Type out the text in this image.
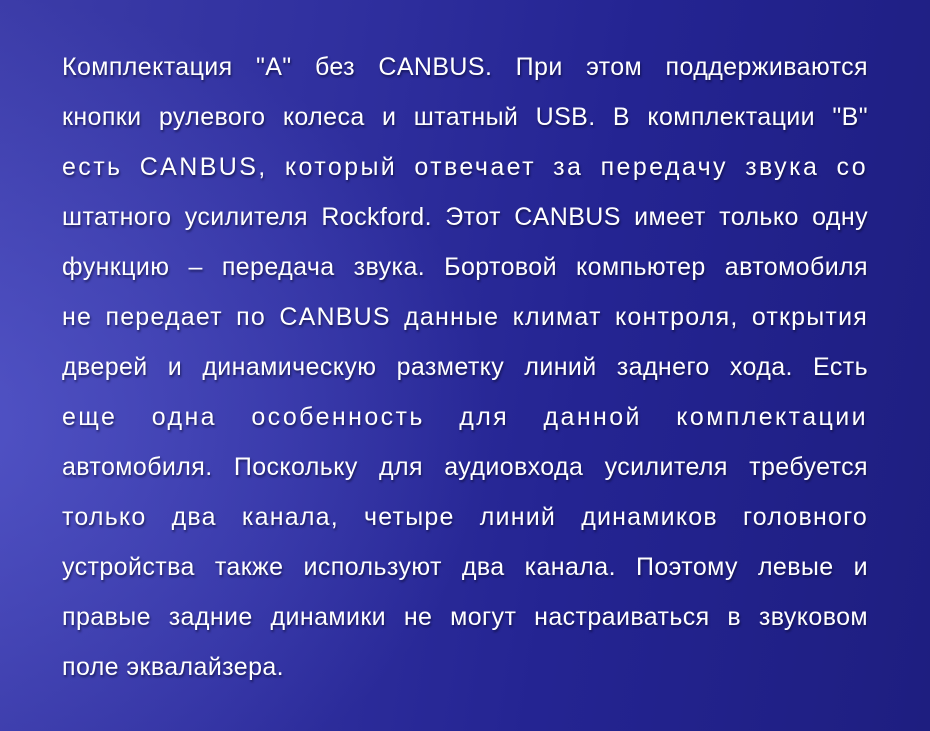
Комплектация "А" без CANBUS. При этом поддерживаются
кнопки рулевого колеса и штатный USB. В комплектации "В"
есть CANBUS, который отвечает за передачу звука со
штатного усилителя Rockford. Этот CANBUS имеет только одну
функцию – передача звука. Бортовой компьютер автомобиля
не передает по CANBUS данные климат контроля, открытия
дверей и динамическую разметку линий заднего хода. Есть
еще одна особенность для данной комплектации
автомобиля. Поскольку для аудиовхода усилителя требуется
только два канала, четыре линий динамиков головного
устройства также используют два канала. Поэтому левые и
правые задние динамики не могут настраиваться в звуковом
поле эквалайзера.
